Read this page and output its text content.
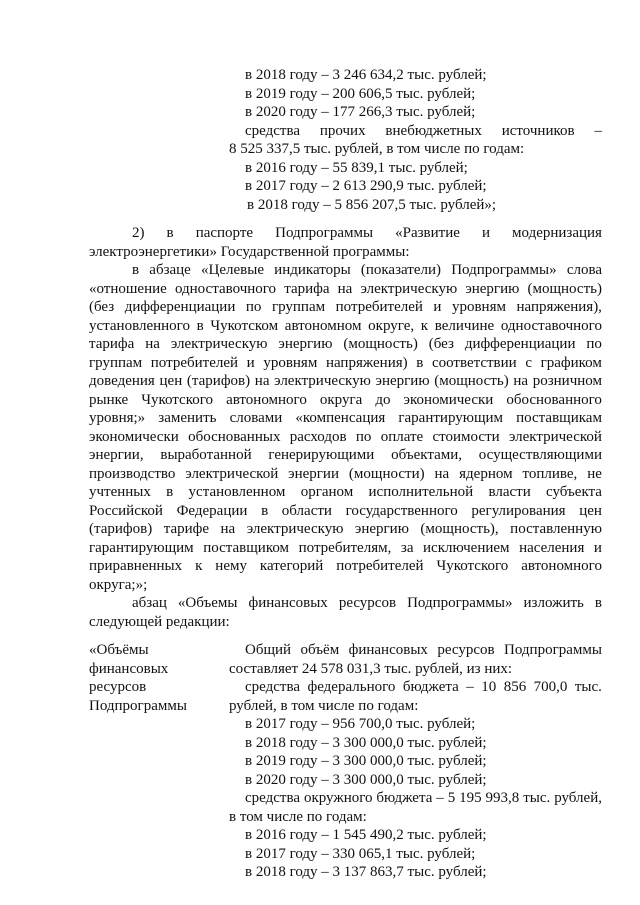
в 2018 году – 3 246 634,2 тыс. рублей;
в 2019 году – 200 606,5 тыс. рублей;
в 2020 году – 177 266,3 тыс. рублей;
средства прочих внебюджетных источников –
8 525 337,5 тыс. рублей, в том числе по годам:
в 2016 году – 55 839,1 тыс. рублей;
в 2017 году – 2 613 290,9 тыс. рублей;
в 2018 году – 5 856 207,5 тыс. рублей»;
2) в паспорте Подпрограммы «Развитие и модернизация
электроэнергетики» Государственной программы:
в абзаце «Целевые индикаторы (показатели) Подпрограммы» слова
«отношение одноставочного тарифа на электрическую энергию (мощность)
(без дифференциации по группам потребителей и уровням напряжения),
установленного в Чукотском автономном округе, к величине одноставочного
тарифа на электрическую энергию (мощность) (без дифференциации по
группам потребителей и уровням напряжения) в соответствии с графиком
доведения цен (тарифов) на электрическую энергию (мощность) на розничном
рынке Чукотского автономного округа до экономически обоснованного
уровня;» заменить словами «компенсация гарантирующим поставщикам
экономически обоснованных расходов по оплате стоимости электрической
энергии, выработанной генерирующими объектами, осуществляющими
производство электрической энергии (мощности) на ядерном топливе, не
учтенных в установленном органом исполнительной власти субъекта
Российской Федерации в области государственного регулирования цен
(тарифов) тарифе на электрическую энергию (мощность), поставленную
гарантирующим поставщиком потребителям, за исключением населения и
приравненных к нему категорий потребителей Чукотского автономного
округа;»;
абзац «Объемы финансовых ресурсов Подпрограммы» изложить в
следующей редакции:
«Объёмы
финансовых
ресурсов
Подпрограммы
Общий объём финансовых ресурсов Подпрограммы
составляет 24 578 031,3 тыс. рублей, из них:
средства федерального бюджета – 10 856 700,0 тыс.
рублей, в том числе по годам:
в 2017 году – 956 700,0 тыс. рублей;
в 2018 году – 3 300 000,0 тыс. рублей;
в 2019 году – 3 300 000,0 тыс. рублей;
в 2020 году – 3 300 000,0 тыс. рублей;
средства окружного бюджета – 5 195 993,8 тыс. рублей,
в том числе по годам:
в 2016 году – 1 545 490,2 тыс. рублей;
в 2017 году – 330 065,1 тыс. рублей;
в 2018 году – 3 137 863,7 тыс. рублей;
